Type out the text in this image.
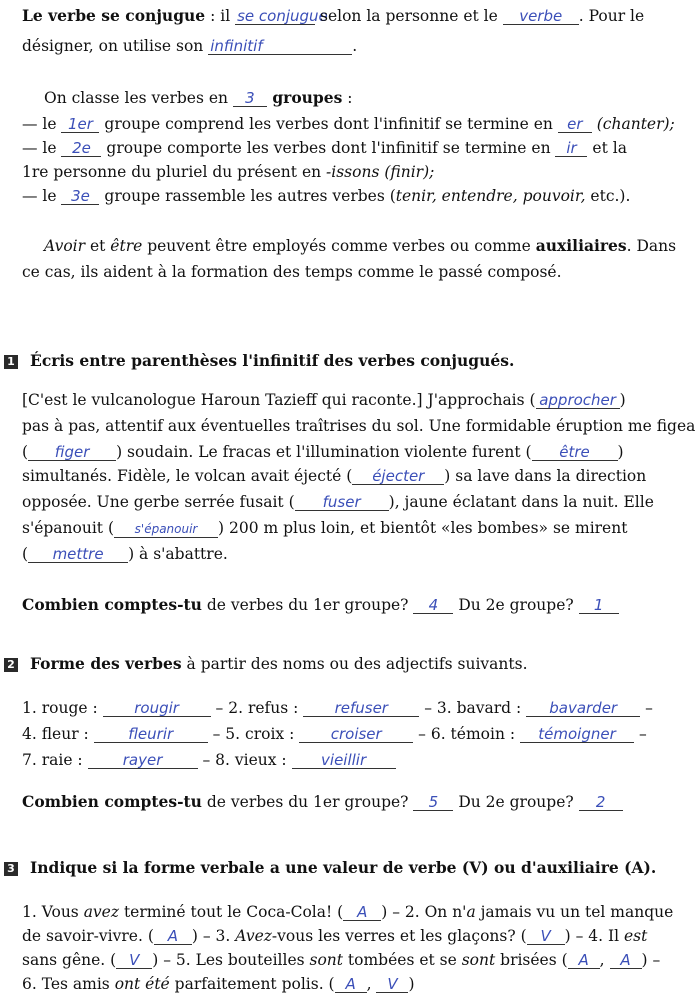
Le verbe se conjugue : il se conjugue selon la personne et le verbe . Pour le
désigner, on utilise son infinitif	.
On classe les verbes en 3 groupes :
— le 1er groupe comprend les verbes dont l'infinitif se termine en er (chanter);
— le 2e groupe comporte les verbes dont l'infinitif se termine en ir et la
1re personne du pluriel du présent en -issons (finir);
— le 3e groupe rassemble les autres verbes (tenir, entendre, pouvoir, etc.).
Avoir et être peuvent être employés comme verbes ou comme auxiliaires. Dans
ce cas, ils aident à la formation des temps comme le passé composé.
1 Écris entre parenthèses l'infinitif des verbes conjugués.
[C'est le vulcanologue Haroun Tazieff qui raconte.] J'approchais ( approcher )
pas à pas, attentif aux éventuelles traîtrises du sol. Une formidable éruption me figea
( figer ) soudain. Le fracas et l'illumination violente furent ( être )
simultanés. Fidèle, le volcan avait éjecté ( éjecter ) sa lave dans la direction
opposée. Une gerbe serrée fusait ( fuser ), jaune éclatant dans la nuit. Elle
s'épanouit ( s'épanouir ) 200 m plus loin, et bientôt «les bombes» se mirent
( mettre ) à s'abattre.
Combien comptes-tu de verbes du 1er groupe? 4 Du 2e groupe? 1
2 Forme des verbes à partir des noms ou des adjectifs suivants.
1. rouge : rougir – 2. refus : refuser – 3. bavard : bavarder –
4. fleur : fleurir – 5. croix : croiser – 6. témoin : témoigner –
7. raie : rayer – 8. vieux : vieillir
Combien comptes-tu de verbes du 1er groupe? 5 Du 2e groupe? 2
3 Indique si la forme verbale a une valeur de verbe (V) ou d'auxiliaire (A).
1. Vous avez terminé tout le Coca-Cola! ( A ) – 2. On n'a jamais vu un tel manque
de savoir-vivre. ( A ) – 3. Avez-vous les verres et les glaçons? ( V ) – 4. Il est
sans gêne. ( V ) – 5. Les bouteilles sont tombées et se sont brisées ( A , A ) –
6. Tes amis ont été parfaitement polis. ( A , V )
